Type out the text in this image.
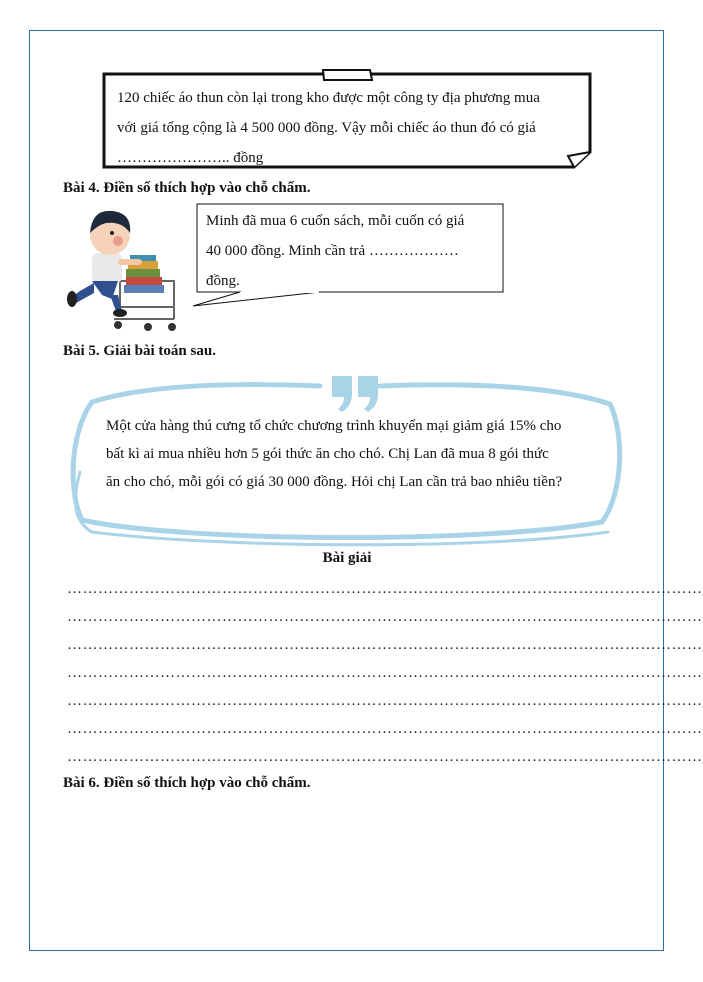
120 chiếc áo thun còn lại trong kho được một công ty địa phương mua
với giá tổng cộng là 4 500 000 đồng. Vậy mỗi chiếc áo thun đó có giá
………………….. đồng
Bài 4. Điền số thích hợp vào chỗ chấm.
Minh đã mua 6 cuốn sách, mỗi cuốn có giá
40 000 đồng. Minh cần trả ………………
đồng.
Bài 5. Giải bài toán sau.
Một cửa hàng thú cưng tổ chức chương trình khuyến mại giảm giá 15% cho
bất kì ai mua nhiều hơn 5 gói thức ăn cho chó. Chị Lan đã mua 8 gói thức
ăn cho chó, mỗi gói có giá 30 000 đồng. Hỏi chị Lan cần trả bao nhiêu tiền?
Bài giải
……………………………………………………………………………………………………………
……………………………………………………………………………………………………………
……………………………………………………………………………………………………………
……………………………………………………………………………………………………………
……………………………………………………………………………………………………………
……………………………………………………………………………………………………………
……………………………………………………………………………………………………………
Bài 6. Điền số thích hợp vào chỗ chấm.
